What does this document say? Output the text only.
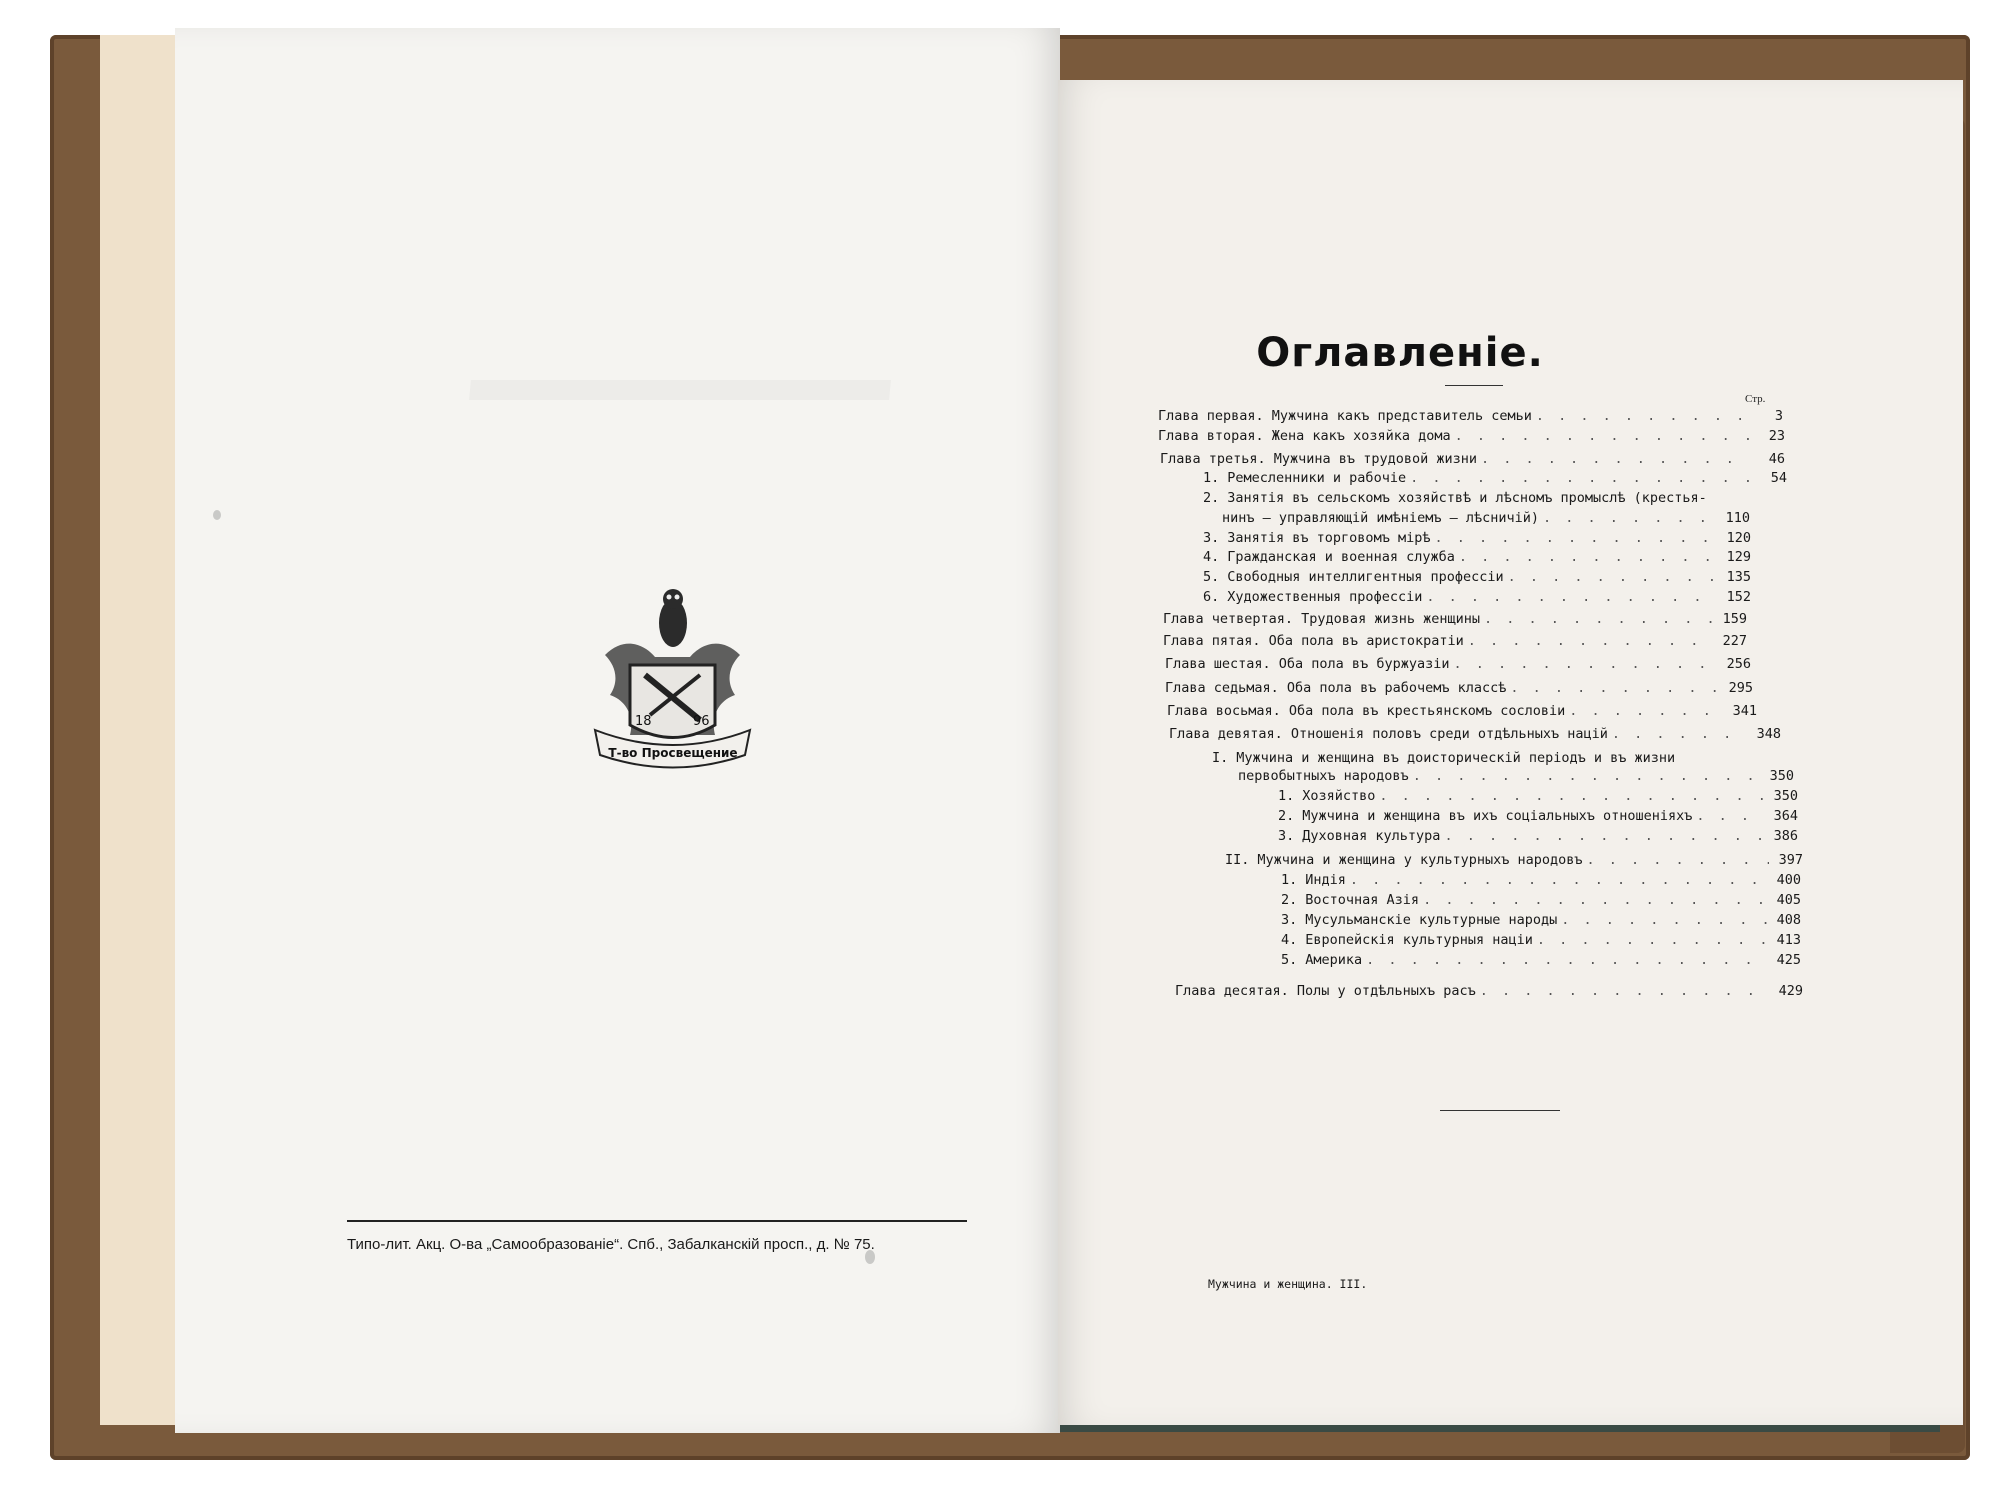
18	96
Т-во Просвещение
Типо-лит. Акц. О-ва „Самообразованіе“. Спб., Забалканскій просп., д. № 75.
Оглавленіе.
Стр.
Глава первая. Мужчина какъ представитель семьи . . .	3
Глава вторая. Жена какъ хозяйка дома . . .	23
Глава третья. Мужчина въ трудовой жизни . . .	46
1. Ремесленники и рабочіе . . .	54
2. Занятія въ сельскомъ хозяйствѣ и лѣсномъ промыслѣ (крестья-
нинъ — управляющій имѣніемъ — лѣсничій) . . .	110
3. Занятія въ торговомъ мірѣ . . .	120
4. Гражданская и военная служба . . .	129
5. Свободныя интеллигентныя профессіи . . .	135
6. Художественныя профессіи . . .	152
Глава четвертая. Трудовая жизнь женщины . . .	159
Глава пятая. Оба пола въ аристократіи . . .	227
Глава шестая. Оба пола въ буржуазіи . . .	256
Глава седьмая. Оба пола въ рабочемъ классѣ . . .	295
Глава восьмая. Оба пола въ крестьянскомъ сословіи . . .	341
Глава девятая. Отношенія половъ среди отдѣльныхъ націй . . .	348
I. Мужчина и женщина въ доисторическій періодъ и въ жизни
первобытныхъ народовъ . . .	350
1. Хозяйство . . .	350
2. Мужчина и женщина въ ихъ соціальныхъ отношеніяхъ . . .	364
3. Духовная культура . . .	386
II. Мужчина и женщина у культурныхъ народовъ . . .	397
1. Индія . . .	400
2. Восточная Азія . . .	405
3. Мусульманскіе культурные народы . . .	408
4. Европейскія культурныя націи . . .	413
5. Америка . . .	425
Глава десятая. Полы у отдѣльныхъ расъ . . .	429
Мужчина и женщина. III.
